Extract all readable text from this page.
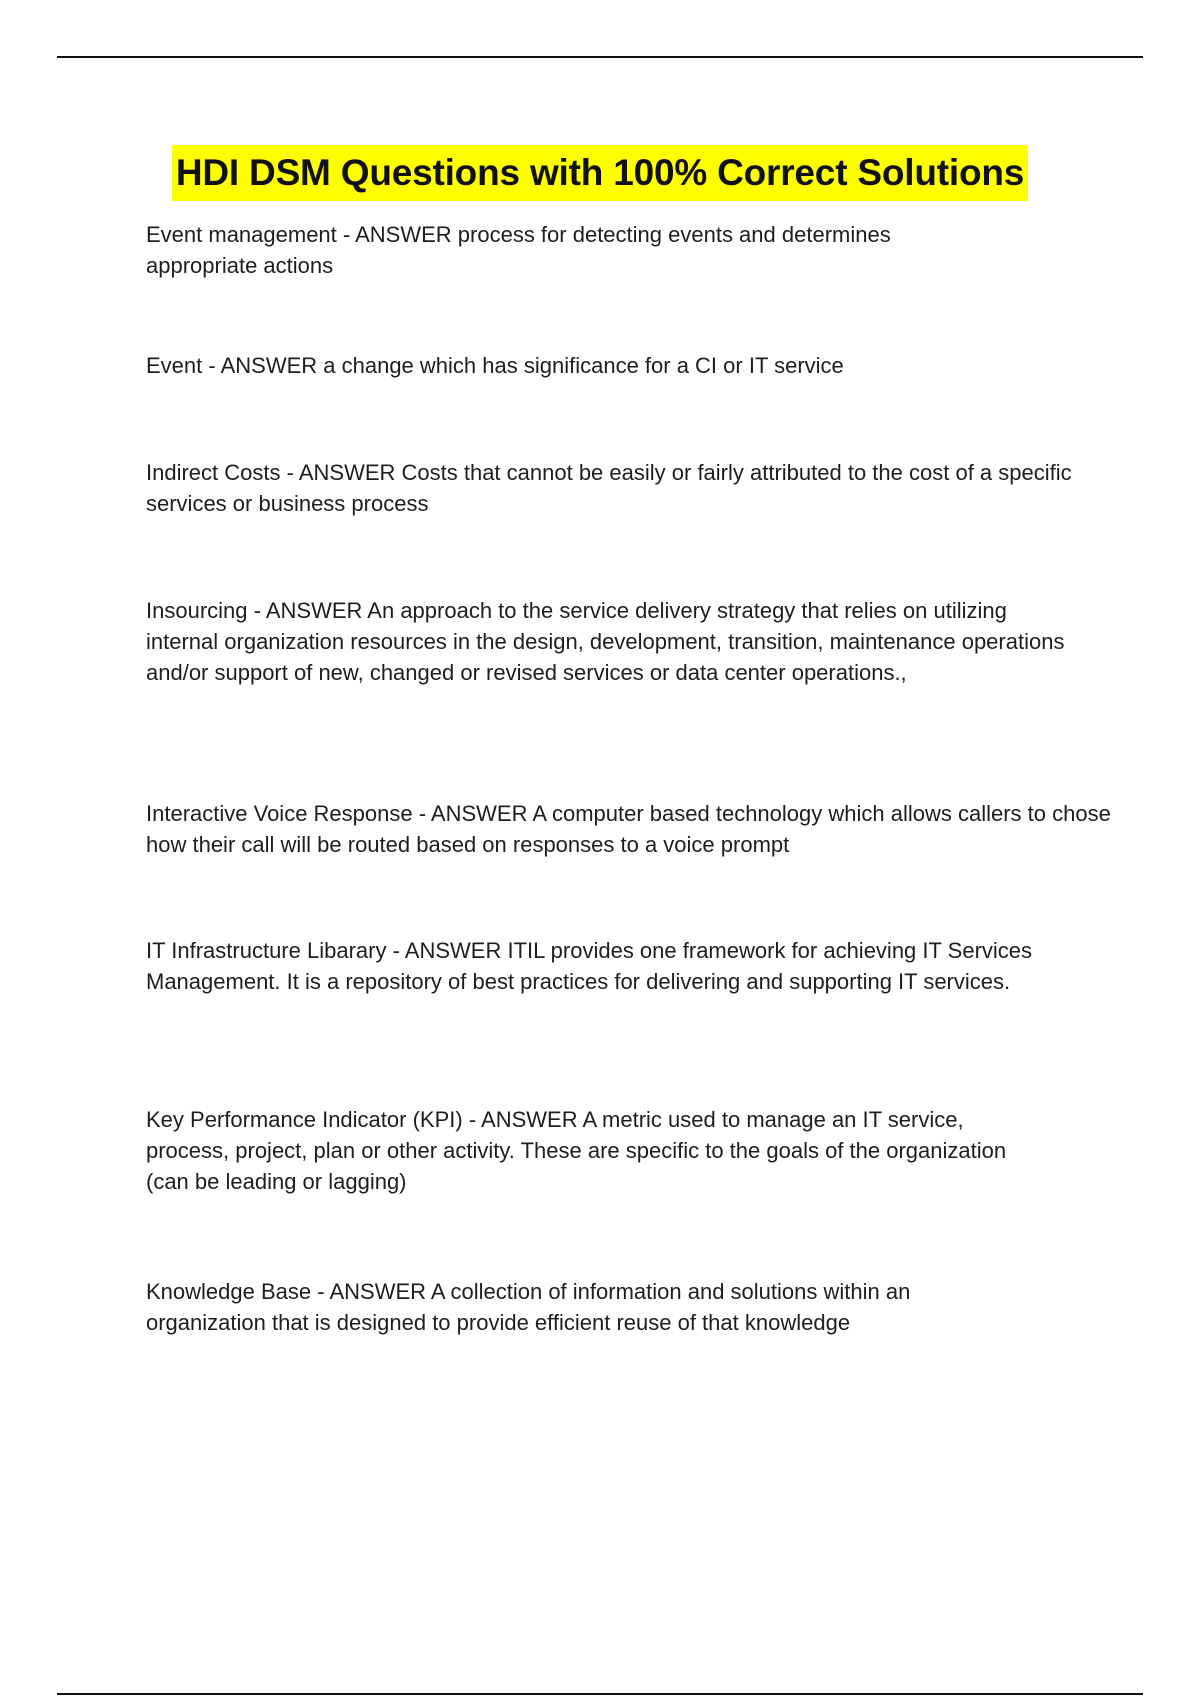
HDI DSM Questions with 100% Correct Solutions

Event management - ANSWER process for detecting events and determines appropriate actions

Event - ANSWER a change which has significance for a CI or IT service

Indirect Costs - ANSWER Costs that cannot be easily or fairly attributed to the cost of a specific services or business process

Insourcing - ANSWER An approach to the service delivery strategy that relies on utilizing internal organization resources in the design, development, transition, maintenance operations and/or support of new, changed or revised services or data center operations.,

Interactive Voice Response - ANSWER A computer based technology which allows callers to chose how their call will be routed based on responses to a voice prompt

IT Infrastructure Libarary - ANSWER ITIL provides one framework for achieving IT Services Management. It is a repository of best practices for delivering and supporting IT services.

Key Performance Indicator (KPI) - ANSWER A metric used to manage an IT service, process, project, plan or other activity. These are specific to the goals of the organization (can be leading or lagging)

Knowledge Base - ANSWER A collection of information and solutions within an organization that is designed to provide efficient reuse of that knowledge
